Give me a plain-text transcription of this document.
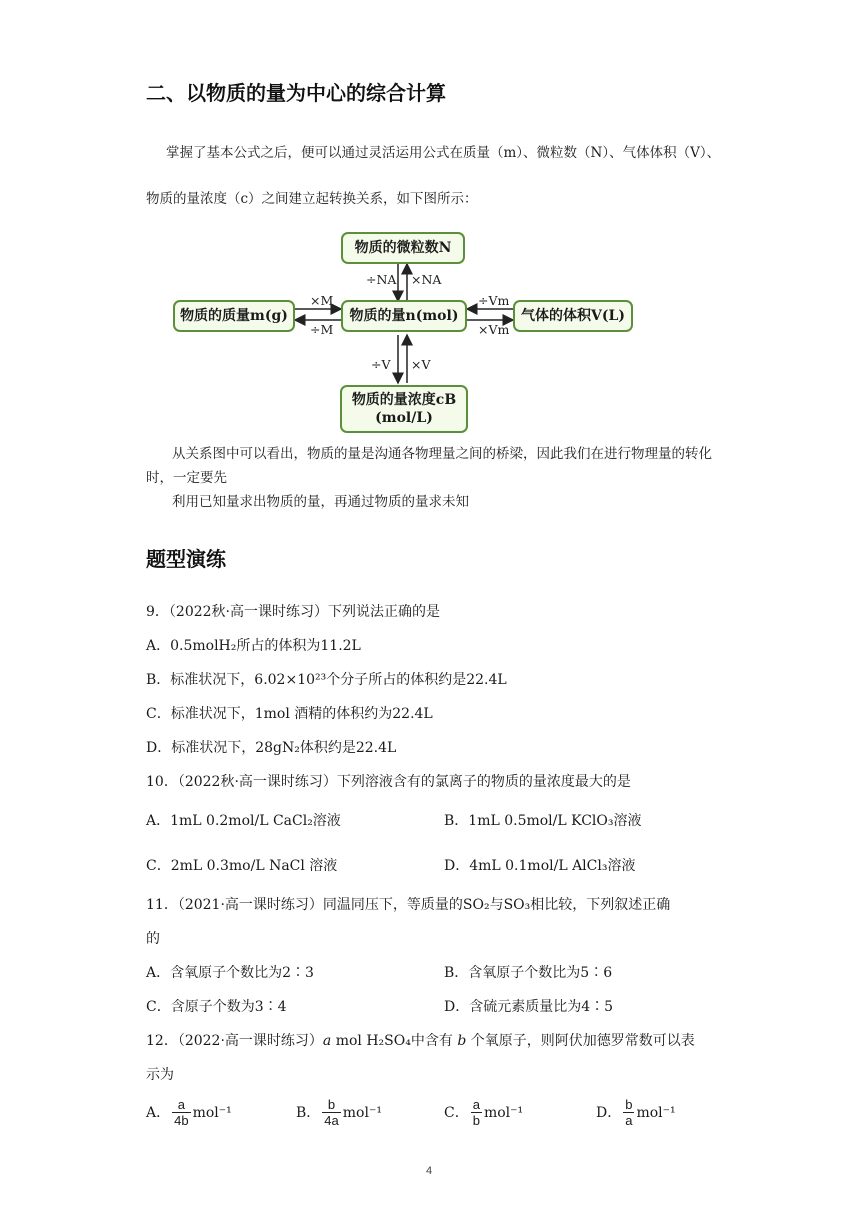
二、以物质的量为中心的综合计算
掌握了基本公式之后，便可以通过灵活运用公式在质量（m）、微粒数（N）、气体体积（V）、
物质的量浓度（c）之间建立起转换关系，如下图所示：
物质的微粒数N
物质的质量m(g)	物质的量n(mol)	气体的体积V(L)
物质的量浓度cB
(mol/L)
÷NA ×NA
×M
÷M
÷Vm
×Vm
÷V ×V
从关系图中可以看出，物质的量是沟通各物理量之间的桥梁，因此我们在进行物理量的转化
时，一定要先
利用已知量求出物质的量，再通过物质的量求未知
题型演练
9．（2022秋·高一课时练习）下列说法正确的是
A．0.5molH₂所占的体积为11.2L
B．标准状况下，6.02×10²³个分子所占的体积约是22.4L
C．标准状况下，1mol 酒精的体积约为22.4L
D．标准状况下，28gN₂体积约是22.4L
10．（2022秋·高一课时练习）下列溶液含有的氯离子的物质的量浓度最大的是
A．1mL 0.2mol/L CaCl₂溶液	B．1mL 0.5mol/L KClO₃溶液
C．2mL 0.3mo/L NaCl 溶液	D．4mL 0.1mol/L AlCl₃溶液
11．（2021·高一课时练习）同温同压下，等质量的SO₂与SO₃相比较，下列叙述正确
的
A．含氧原子个数比为2∶3	B．含氧原子个数比为5∶6
C．含原子个数为3∶4	D．含硫元素质量比为4∶5
12．（2022·高一课时练习）a mol H₂SO₄中含有 b 个氧原子，则阿伏加德罗常数可以表
示为
A． $\frac{a}{4b} mol^{-1}$	B． $\frac{b}{4a} mol^{-1}$	C． $\frac{a}{b} mol^{-1}$	D． $\frac{b}{a} mol^{-1}$
4
